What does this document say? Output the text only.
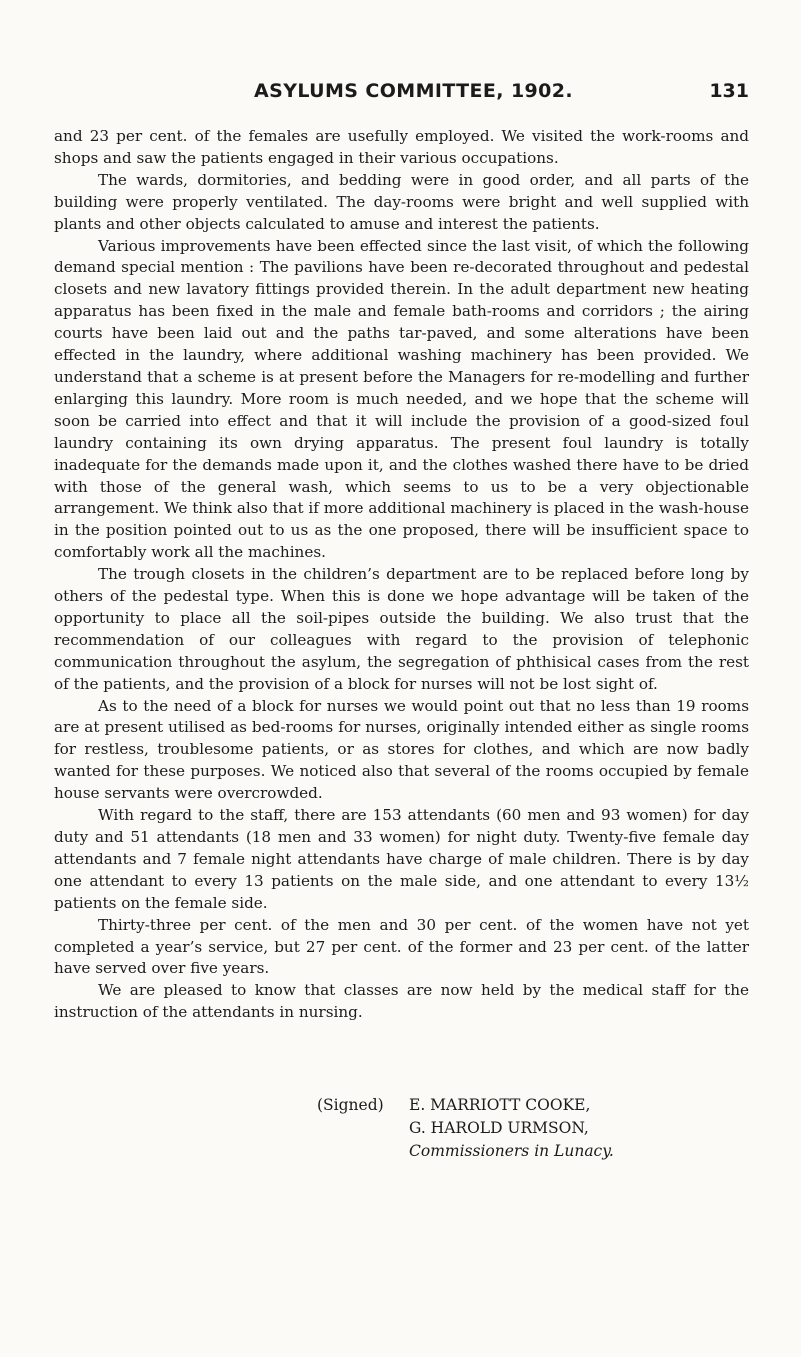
ASYLUMS COMMITTEE, 1902.	131

and 23 per cent. of the females are usefully employed. We visited the work-rooms and shops and saw the patients engaged in their various occupations.

The wards, dormitories, and bedding were in good order, and all parts of the building were properly ventilated. The day-rooms were bright and well supplied with plants and other objects calculated to amuse and interest the patients.

Various improvements have been effected since the last visit, of which the following demand special mention : The pavilions have been re-decorated throughout and pedestal closets and new lavatory fittings provided therein. In the adult department new heating apparatus has been fixed in the male and female bath-rooms and corridors ; the airing courts have been laid out and the paths tar-paved, and some alterations have been effected in the laundry, where additional washing machinery has been provided. We understand that a scheme is at present before the Managers for re-modelling and further enlarging this laundry. More room is much needed, and we hope that the scheme will soon be carried into effect and that it will include the provision of a good-sized foul laundry containing its own drying apparatus. The present foul laundry is totally inadequate for the demands made upon it, and the clothes washed there have to be dried with those of the general wash, which seems to us to be a very objectionable arrangement. We think also that if more additional machinery is placed in the wash-house in the position pointed out to us as the one proposed, there will be insufficient space to comfortably work all the machines.

The trough closets in the children’s department are to be replaced before long by others of the pedestal type. When this is done we hope advantage will be taken of the opportunity to place all the soil-pipes outside the building. We also trust that the recommendation of our colleagues with regard to the provision of telephonic communication throughout the asylum, the segregation of phthisical cases from the rest of the patients, and the provision of a block for nurses will not be lost sight of.

As to the need of a block for nurses we would point out that no less than 19 rooms are at present utilised as bed-rooms for nurses, originally intended either as single rooms for restless, troublesome patients, or as stores for clothes, and which are now badly wanted for these purposes. We noticed also that several of the rooms occupied by female house servants were overcrowded.

With regard to the staff, there are 153 attendants (60 men and 93 women) for day duty and 51 attendants (18 men and 33 women) for night duty. Twenty-five female day attendants and 7 female night attendants have charge of male children. There is by day one attendant to every 13 patients on the male side, and one attendant to every 13½ patients on the female side.

Thirty-three per cent. of the men and 30 per cent. of the women have not yet completed a year’s service, but 27 per cent. of the former and 23 per cent. of the latter have served over five years.

We are pleased to know that classes are now held by the medical staff for the instruction of the attendants in nursing.

(Signed) E. MARRIOTT COOKE,
G. HAROLD URMSON,
Commissioners in Lunacy.
